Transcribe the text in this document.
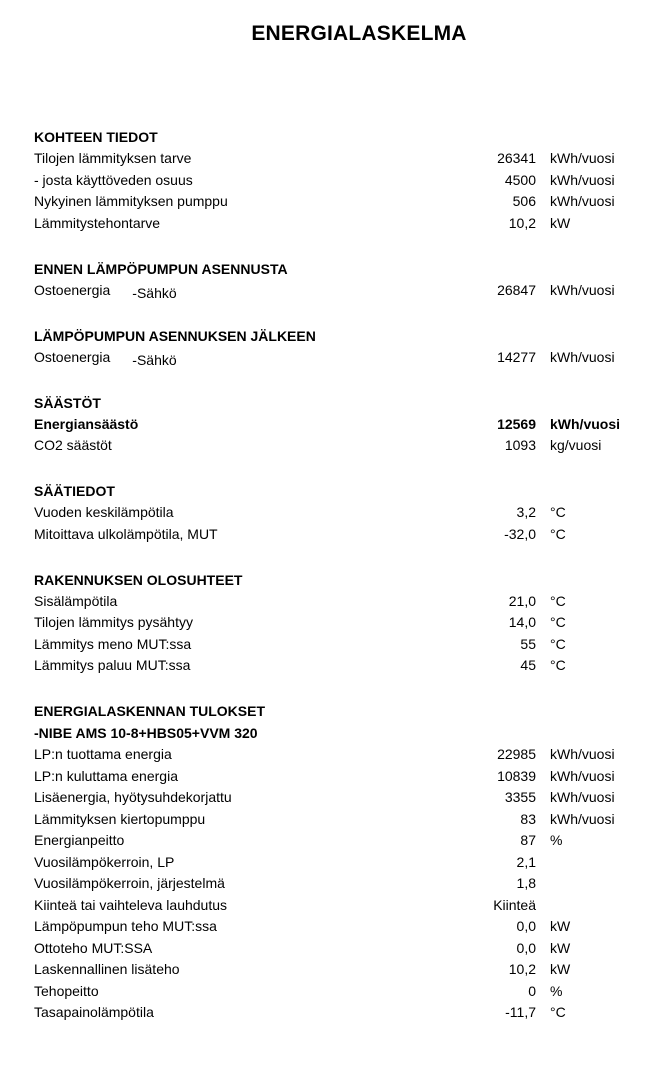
ENERGIALASKELMA
KOHTEEN TIEDOT
Tilojen lämmityksen tarve	26341 kWh/vuosi
- josta käyttöveden osuus	4500 kWh/vuosi
Nykyinen lämmityksen pumppu	506 kWh/vuosi
Lämmitystehontarve	10,2 kW
ENNEN LÄMPÖPUMPUN ASENNUSTA
Ostoenergia -Sähkö	26847 kWh/vuosi
LÄMPÖPUMPUN ASENNUKSEN JÄLKEEN
Ostoenergia -Sähkö	14277 kWh/vuosi
SÄÄSTÖT
Energiansäästö	12569 kWh/vuosi
CO2 säästöt	1093 kg/vuosi
SÄÄTIEDOT
Vuoden keskilämpötila	3,2 °C
Mitoittava ulkolämpötila, MUT	-32,0 °C
RAKENNUKSEN OLOSUHTEET
Sisälämpötila	21,0 °C
Tilojen lämmitys pysähtyy	14,0 °C
Lämmitys meno MUT:ssa	55 °C
Lämmitys paluu MUT:ssa	45 °C
ENERGIALASKENNAN TULOKSET
-NIBE AMS 10-8+HBS05+VVM 320
LP:n tuottama energia	22985 kWh/vuosi
LP:n kuluttama energia	10839 kWh/vuosi
Lisäenergia, hyötysuhdekorjattu	3355 kWh/vuosi
Lämmityksen kiertopumppu	83 kWh/vuosi
Energianpeitto	87 %
Vuosilämpökerroin, LP	2,1
Vuosilämpökerroin, järjestelmä	1,8
Kiinteä tai vaihteleva lauhdutus	Kiinteä
Lämpöpumpun teho MUT:ssa	0,0 kW
Ottoteho MUT:SSA	0,0 kW
Laskennallinen lisäteho	10,2 kW
Tehopeitto	0 %
Tasapainolämpötila	-11,7 °C
